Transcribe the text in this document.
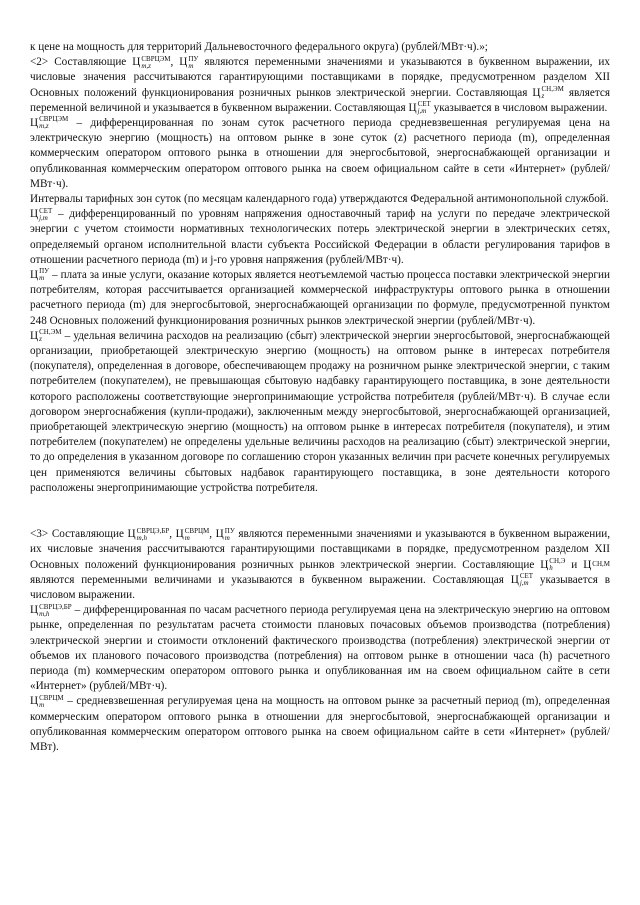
к цене на мощность для территорий Дальневосточного федерального округа) (рублей/МВт·ч).»;

<2> Составляющие Ц СВРЦЭМ
m,z	, Ц ПУ
m являются переменными значениями и указываются в буквенном выражении, их числовые значения рассчитываются гарантирующими поставщиками в порядке, предусмотренном разделом XII Основных положений функционирования розничных рынков электрической энергии. Составляющая Ц СН,ЭМ
z	является переменной величиной и указывается в буквенном выражении. Составляющая Ц СЕТ
j,m указывается в числовом выражении.

Ц СВРЦЭМ
m,z	– дифференцированная по зонам суток расчетного периода средневзвешенная регулируемая цена на электрическую энергию (мощность) на оптовом рынке в зоне суток (z) расчетного периода (m), определенная коммерческим оператором оптового рынка в отношении для энергосбытовой, энергоснабжающей организации и опубликованная коммерческим оператором оптового рынка на своем официальном сайте в сети «Интернет» (рублей/МВт·ч).

Интервалы тарифных зон суток (по месяцам календарного года) утверждаются Федеральной антимонопольной службой.

Ц СЕТ
j,m – дифференцированный по уровням напряжения одноставочный тариф на услуги по передаче электрической энергии с учетом стоимости нормативных технологических потерь электрической энергии в электрических сетях, определяемый органом исполнительной власти субъекта Российской Федерации в области регулирования тарифов в отношении расчетного периода (m) и j-го уровня напряжения (рублей/МВт·ч).

Ц ПУ
m – плата за иные услуги, оказание которых является неотъемлемой частью процесса поставки электрической энергии потребителям, которая рассчитывается организацией коммерческой инфраструктуры оптового рынка в отношении расчетного периода (m) для энергосбытовой, энергоснабжающей организации по формуле, предусмотренной пунктом 248 Основных положений функционирования розничных рынков электрической энергии (рублей/МВт·ч).

Ц СН,ЭМ
z	– удельная величина расходов на реализацию (сбыт) электрической энергии энергосбытовой, энергоснабжающей организации, приобретающей электрическую энергию (мощность) на оптовом рынке в интересах потребителя (покупателя), определенная в договоре, обеспечивающем продажу на розничном рынке электрической энергии, с таким потребителем (покупателем), не превышающая сбытовую надбавку гарантирующего поставщика, в зоне деятельности которого расположены соответствующие энергопринимающие устройства потребителя (рублей/МВт·ч). В случае если договором энергоснабжения (купли-продажи), заключенным между энергосбытовой, энергоснабжающей организацией, приобретающей электрическую энергию (мощность) на оптовом рынке в интересах потребителя (покупателя), и этим потребителем (покупателем) не определены удельные величины расходов на реализацию (сбыт) электрической энергии, то до определения в указанном договоре по соглашению сторон указанных величин при расчете конечных регулируемых цен применяются величины сбытовых надбавок гарантирующего поставщика, в зоне деятельности которого расположены энергопринимающие устройства потребителя.

<3> Составляющие Ц СВРЦЭ,БР
m,h	, Ц СВРЦМ
m	, Ц ПУ
m являются переменными значениями и указываются в буквенном выражении, их числовые значения рассчитываются гарантирующими поставщиками в порядке, предусмотренном разделом XII Основных положений функционирования розничных рынков электрической энергии. Составляющие Ц СН,Э
h	и Ц СН,М
являются переменными величинами и указываются в буквенном выражении. Составляющая Ц СЕТ
j,m указывается в числовом выражении.

Ц СВРЦЭ,БР
m,h	– дифференцированная по часам расчетного периода регулируемая цена на электрическую энергию на оптовом рынке, определенная по результатам расчета стоимости плановых почасовых объемов производства (потребления) электрической энергии и стоимости отклонений фактического производства (потребления) электрической энергии от объемов их планового почасового производства (потребления) на оптовом рынке в отношении часа (h) расчетного периода (m) коммерческим оператором оптового рынка и опубликованная им на своем официальном сайте в сети «Интернет» (рублей/МВт·ч).

Ц СВРЦМ
m	– средневзвешенная регулируемая цена на мощность на оптовом рынке за расчетный период (m), определенная коммерческим оператором оптового рынка в отношении для энергосбытовой, энергоснабжающей организации и опубликованная коммерческим оператором оптового рынка на своем официальном сайте в сети «Интернет» (рублей/МВт).
